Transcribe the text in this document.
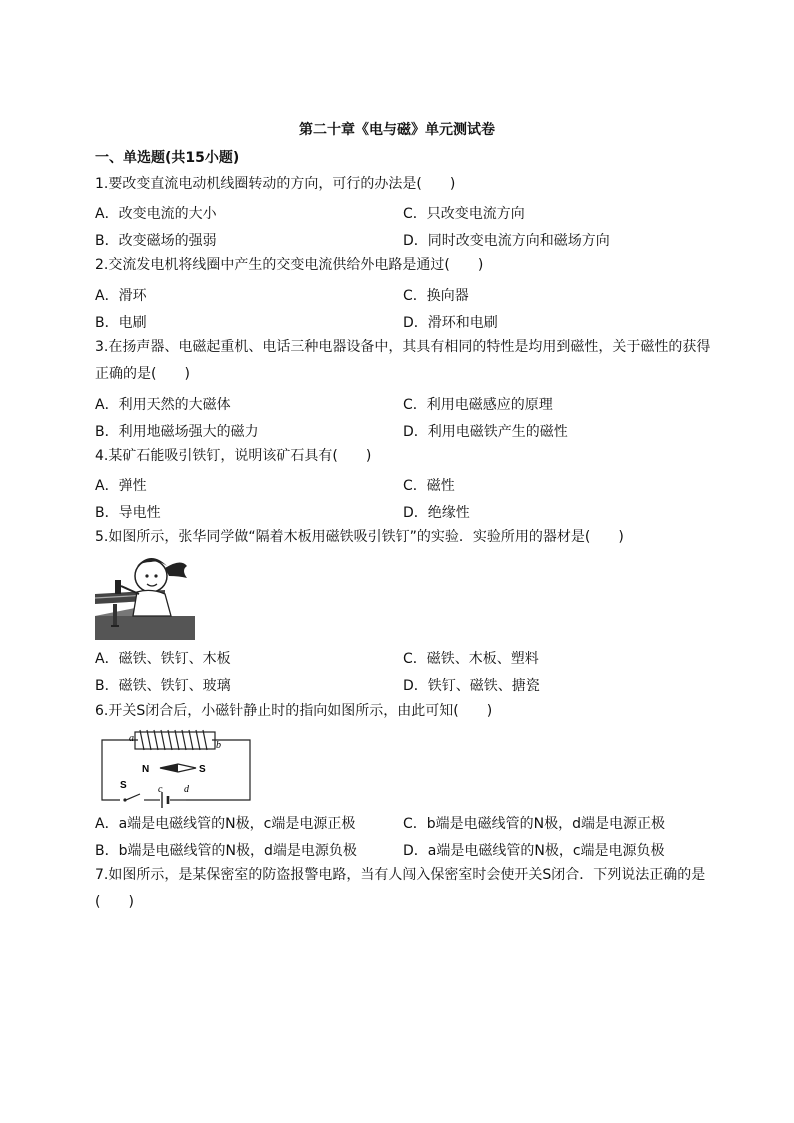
第二十章《电与磁》单元测试卷
一、单选题(共15小题)
1.要改变直流电动机线圈转动的方向，可行的办法是(　　)
A．改变电流的大小	C．只改变电流方向
B．改变磁场的强弱	D．同时改变电流方向和磁场方向
2.交流发电机将线圈中产生的交变电流供给外电路是通过(　　)
A．滑环	C．换向器
B．电刷	D．滑环和电刷
3.在扬声器、电磁起重机、电话三种电器设备中，其具有相同的特性是均用到磁性，关于磁性的获得正确的是(　　)
A．利用天然的大磁体	C．利用电磁感应的原理
B．利用地磁场强大的磁力	D．利用电磁铁产生的磁性
4.某矿石能吸引铁钉，说明该矿石具有(　　)
A．弹性	C．磁性
B．导电性	D．绝缘性
5.如图所示，张华同学做“隔着木板用磁铁吸引铁钉”的实验．实验所用的器材是(　　)
A．磁铁、铁钉、木板	C．磁铁、木板、塑料
B．磁铁、铁钉、玻璃	D．铁钉、磁铁、搪瓷
6.开关S闭合后，小磁针静止时的指向如图所示，由此可知(　　)
a
b
N	S
S	c d
A．a端是电磁线管的N极，c端是电源正极	C．b端是电磁线管的N极，d端是电源正极
B．b端是电磁线管的N极，d端是电源负极	D．a端是电磁线管的N极，c端是电源负极
7.如图所示，是某保密室的防盗报警电路，当有人闯入保密室时会使开关S闭合．下列说法正确的是(　　)
